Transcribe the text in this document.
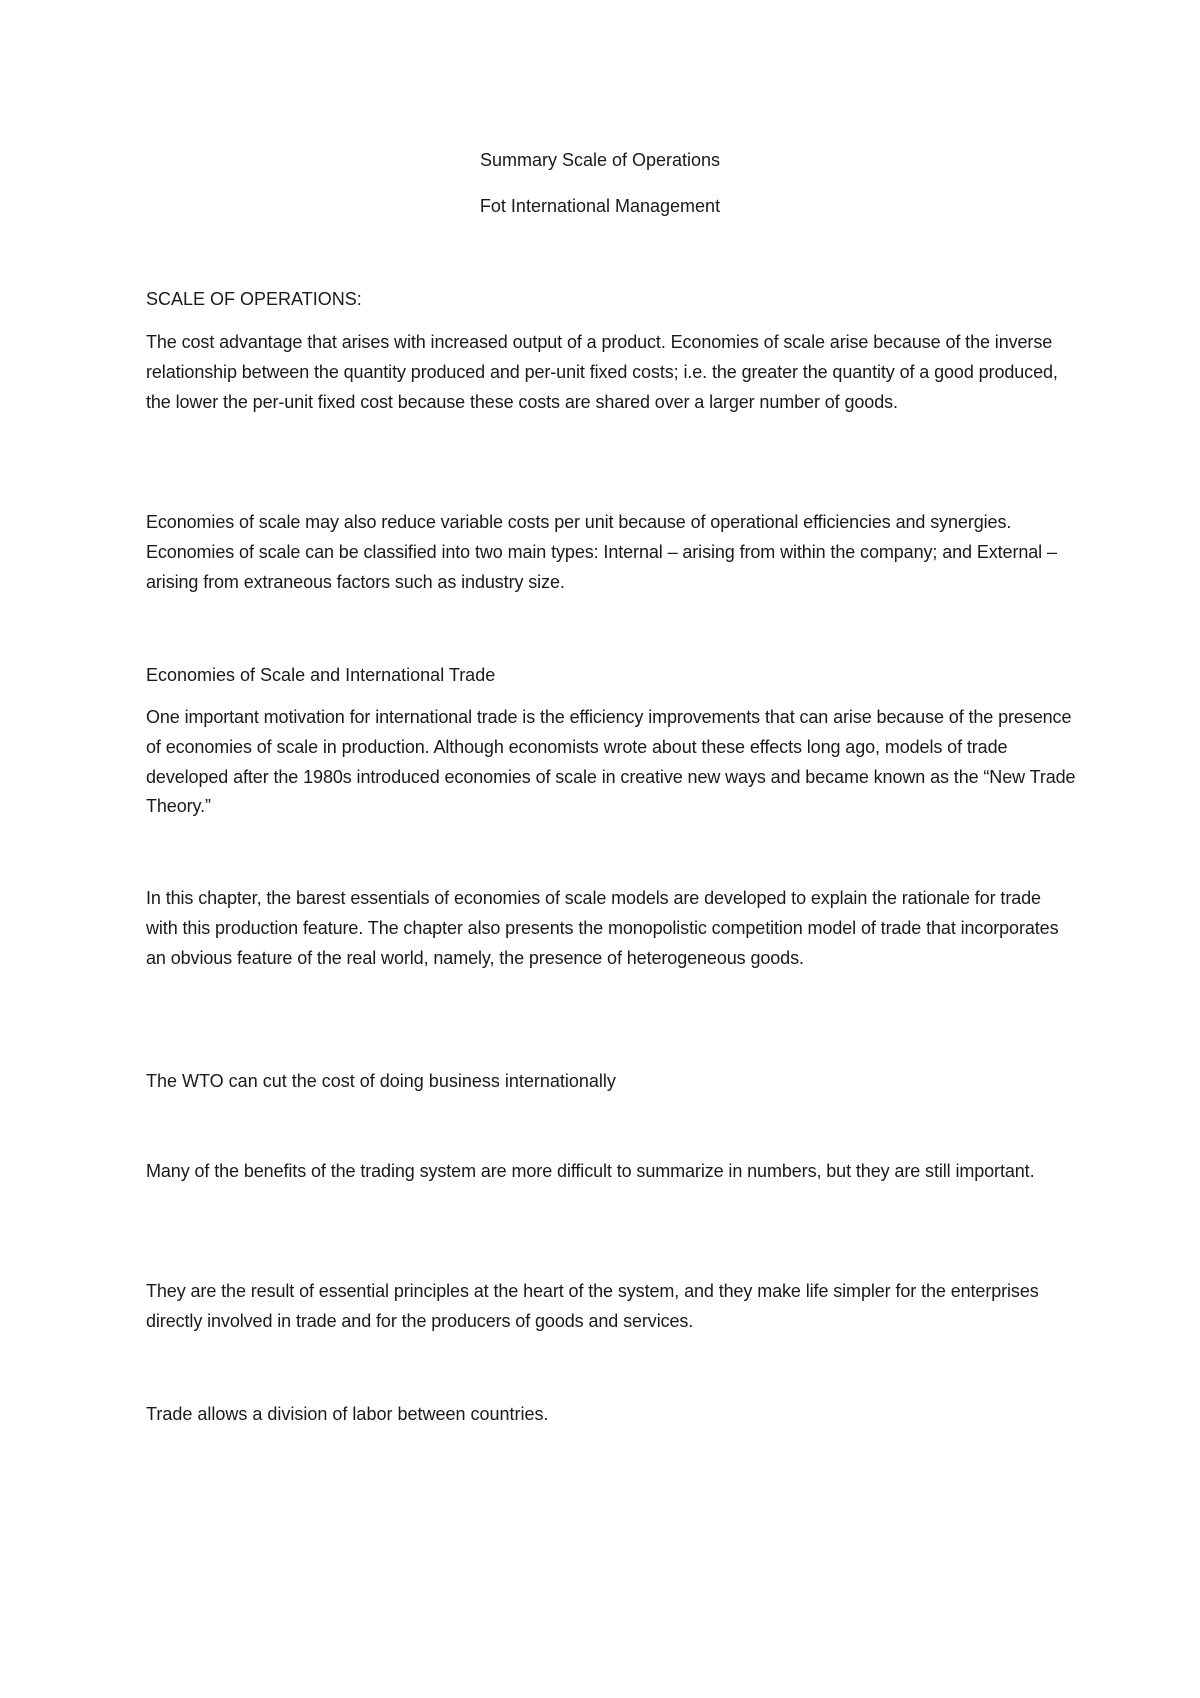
Summary Scale of Operations

Fot International Management

SCALE OF OPERATIONS:

The cost advantage that arises with increased output of a product. Economies of scale arise because of the inverse relationship between the quantity produced and per-unit fixed costs; i.e. the greater the quantity of a good produced, the lower the per-unit fixed cost because these costs are shared over a larger number of goods.

Economies of scale may also reduce variable costs per unit because of operational efficiencies and synergies. Economies of scale can be classified into two main types: Internal – arising from within the company; and External – arising from extraneous factors such as industry size.

Economies of Scale and International Trade

One important motivation for international trade is the efficiency improvements that can arise because of the presence of economies of scale in production. Although economists wrote about these effects long ago, models of trade developed after the 1980s introduced economies of scale in creative new ways and became known as the “New Trade Theory.”

In this chapter, the barest essentials of economies of scale models are developed to explain the rationale for trade with this production feature. The chapter also presents the monopolistic competition model of trade that incorporates an obvious feature of the real world, namely, the presence of heterogeneous goods.

The WTO can cut the cost of doing business internationally

Many of the benefits of the trading system are more difficult to summarize in numbers, but they are still important.

They are the result of essential principles at the heart of the system, and they make life simpler for the enterprises directly involved in trade and for the producers of goods and services.

Trade allows a division of labor between countries.
